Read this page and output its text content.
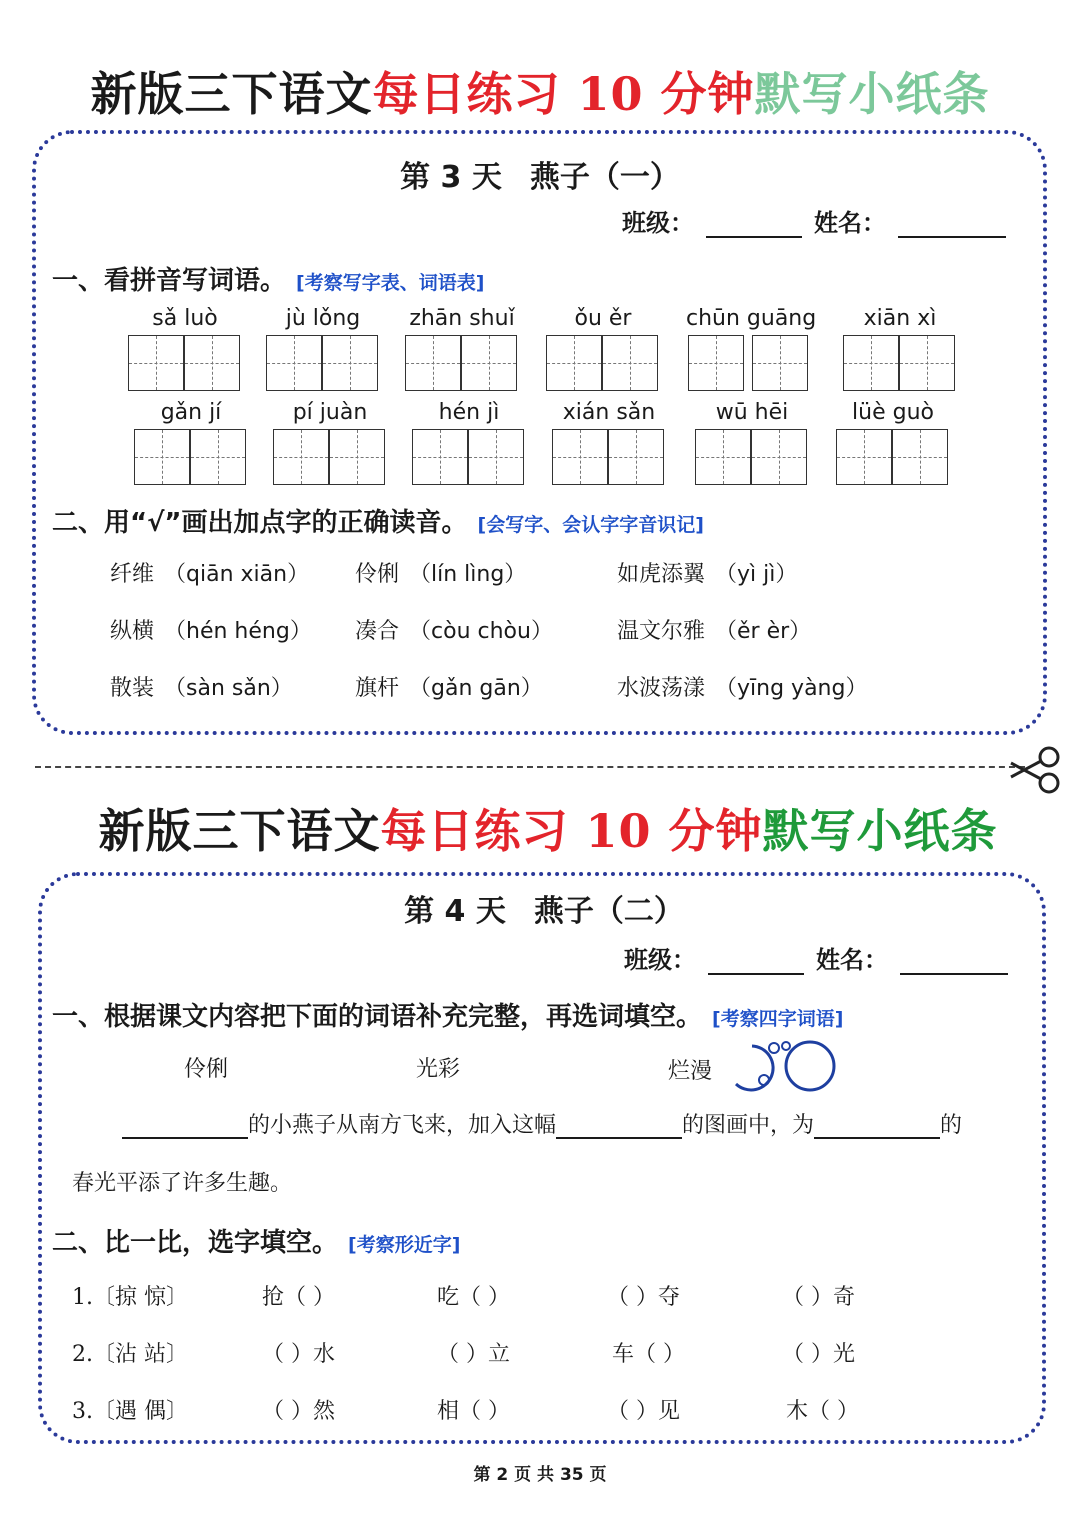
新版三下语文每日练习 10 分钟默写小纸条
第 3 天 燕子（一）
班级：	姓名：
一、看拼音写词语。 [考察写字表、词语表]
sǎ luò	jù lǒng	zhān shuǐ	ǒu ěr	chūn guāng	xiān xì
gǎn jí	pí juàn	hén jì	xián sǎn	wū hēi	lüè guò
二、用“√”画出加点字的正确读音。 [会写字、会认字字音识记]
纤维 （qiān xiān） 伶俐 （lín lìng）	如虎添翼 （yì jì）
纵横 （hén héng） 凑合 （còu chòu）	温文尔雅 （ěr èr）
散装 （sàn sǎn）	旗杆 （gǎn gān）	水波荡漾 （yīng yàng）
新版三下语文每日练习 10 分钟默写小纸条
第 4 天 燕子（二）
班级：	姓名：
一、根据课文内容把下面的词语补充完整，再选词填空。 [考察四字词语]
伶俐	光彩	烂漫
的小燕子从南方飞来，加入这幅	的图画中，为	的
春光平添了许多生趣。
二、比一比，选字填空。 [考察形近字]
1.〔掠 惊〕	抢（ ）	吃（ ）	（ ）夺	（ ）奇
2.〔沾 站〕	（ ）水	（ ）立	车（ ）	（ ）光
3.〔遇 偶〕	（ ）然	相（ ）	（ ）见	木（ ）
第 2 页 共 35 页
